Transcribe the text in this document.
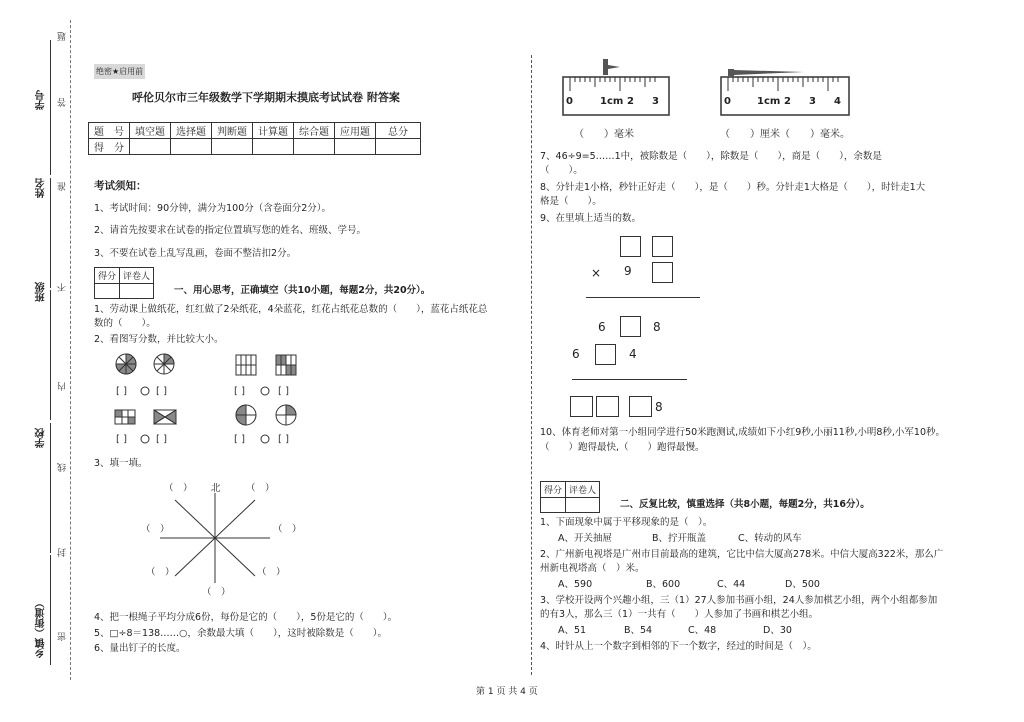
学号
姓名
班级
学校
乡镇（街道）
题
答
准
不
内
线
封
密
绝密★启用前
呼伦贝尔市三年级数学下学期期末摸底考试试卷 附答案
题　号	填空题	选择题	判断题	计算题	综合题	应用题	总分
得　分							
考试须知：
1、考试时间：90分钟，满分为100分（含卷面分2分）。
2、请首先按要求在试卷的指定位置填写您的姓名、班级、学号。
3、不要在试卷上乱写乱画，卷面不整洁扣2分。
得分	评卷人

一、用心思考，正确填空（共10小题，每题2分，共20分）。
1、劳动课上做纸花，红红做了2朵纸花，4朵蓝花，红花占纸花总数的（　　），蓝花占纸花总
数的（　　）。
2、看图写分数，并比较大小。
[ ]	[ ]	[ ]	[ ]
[ ]	[ ]	[ ]	[ ]
3、填一填。
（　） 北	（　）
（　）	（　）
（　）	（　）
（　）
4、把一根绳子平均分成6份，每份是它的（　　），5份是它的（　　）。
5、□÷8＝138……○，余数最大填（　　），这时被除数是（　　）。
6、量出钉子的长度。
0	1cm 2 3	0	1cm 2 3 4
（　　）毫米	（　　）厘米（　　）毫米。
7、46÷9=5……1中，被除数是（　　），除数是（　　），商是（　　），余数是
（　　）。
8、分针走1小格，秒针正好走（　　），是（　　）秒。分针走1大格是（　　），时针走1大
格是（　　）。
9、在里填上适当的数。
× 9
6	8
6	4
8
10、体育老师对第一小组同学进行50米跑测试,成绩如下小红9秒,小丽11秒,小明8秒,小军10秒。
（　　）跑得最快,（　　）跑得最慢。
得分	评卷人

二、反复比较，慎重选择（共8小题，每题2分，共16分）。
1、下面现象中属于平移现象的是（　）。
A、开关抽屉	B、拧开瓶盖	C、转动的风车
2、广州新电视塔是广州市目前最高的建筑，它比中信大厦高278米。中信大厦高322米，那么广
州新电视塔高（　）米。
A、590	B、600	C、44	D、500
3、学校开设两个兴趣小组，三（1）27人参加书画小组，24人参加棋艺小组，两个小组都参加
的有3人，那么三（1）一共有（　　）人参加了书画和棋艺小组。
A、51	B、54	C、48	D、30
4、时针从上一个数字到相邻的下一个数字，经过的时间是（　）。
第 1 页 共 4 页
